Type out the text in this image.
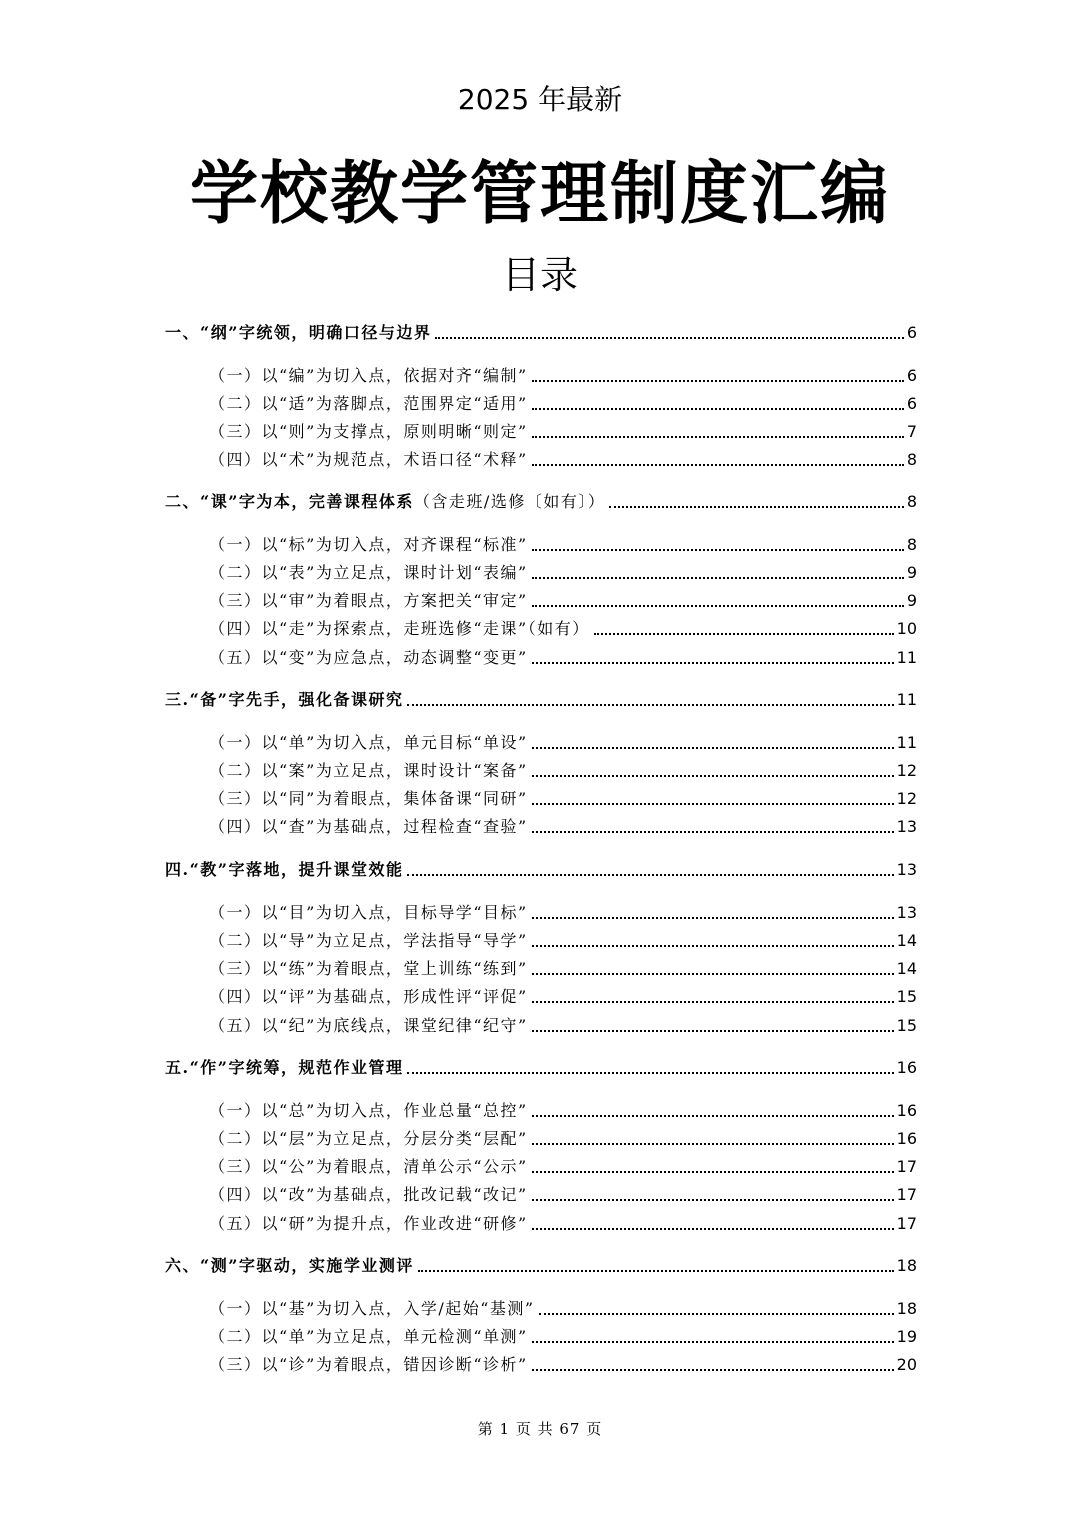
2025 年最新
学校教学管理制度汇编
目录
一、“纲”字统领，明确口径与边界	6
（一）以“编”为切入点，依据对齐“编制”	6
（二）以“适”为落脚点，范围界定“适用”	6
（三）以“则”为支撑点，原则明晰“则定”	7
（四）以“术”为规范点，术语口径“术释”	8
二、“课”字为本，完善课程体系（含走班/选修〔如有〕）	8
（一）以“标”为切入点，对齐课程“标准”	8
（二）以“表”为立足点，课时计划“表编”	9
（三）以“审”为着眼点，方案把关“审定”	9
（四）以“走”为探索点，走班选修“走课”（如有）	10
（五）以“变”为应急点，动态调整“变更”	11
三.“备”字先手，强化备课研究	11
（一）以“单”为切入点，单元目标“单设”	11
（二）以“案”为立足点，课时设计“案备”	12
（三）以“同”为着眼点，集体备课“同研”	12
（四）以“查”为基础点，过程检查“查验”	13
四.“教”字落地，提升课堂效能	13
（一）以“目”为切入点，目标导学“目标”	13
（二）以“导”为立足点，学法指导“导学”	14
（三）以“练”为着眼点，堂上训练“练到”	14
（四）以“评”为基础点，形成性评“评促”	15
（五）以“纪”为底线点，课堂纪律“纪守”	15
五.“作”字统筹，规范作业管理	16
（一）以“总”为切入点，作业总量“总控”	16
（二）以“层”为立足点，分层分类“层配”	16
（三）以“公”为着眼点，清单公示“公示”	17
（四）以“改”为基础点，批改记载“改记”	17
（五）以“研”为提升点，作业改进“研修”	17
六、“测”字驱动，实施学业测评	18
（一）以“基”为切入点，入学/起始“基测”	18
（二）以“单”为立足点，单元检测“单测”	19
（三）以“诊”为着眼点，错因诊断“诊析”	20
第 1 页 共 67 页
